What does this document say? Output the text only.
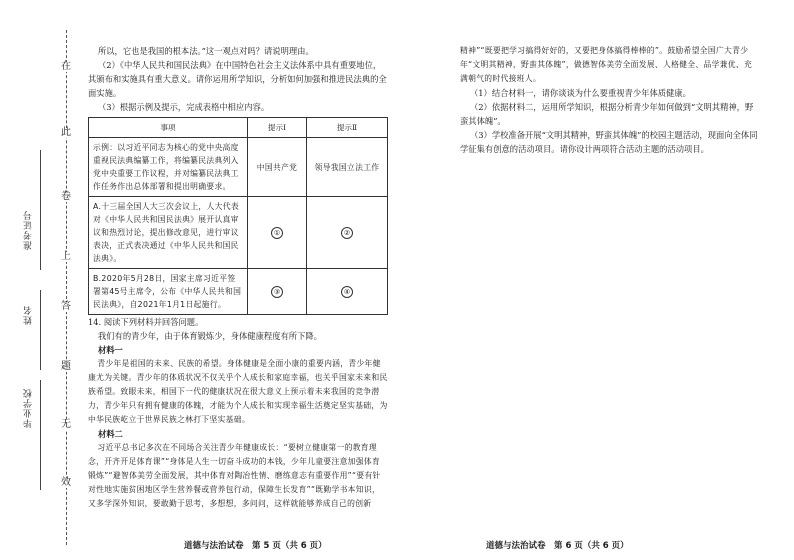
在
此
卷
上
答
题
无
效
准考证号
姓名
毕业学校

所以，它也是我国的根本法。”这一观点对吗？请说明理由。

（2）《中华人民共和国民法典》在中国特色社会主义法体系中具有重要地位，其颁布和实施具有重大意义。请你运用所学知识，分析如何加强和推进民法典的全面实施。

（3）根据示例及提示，完成表格中相应内容。

事项	提示Ⅰ	提示Ⅱ
示例：以习近平同志为核心的党中央高度重视民法典编纂工作，将编纂民法典列入党中央重要工作议程，并对编纂民法典工作任务作出总体部署和提出明确要求。	中国共产党	领导我国立法工作
A.十三届全国人大三次会议上，人大代表对《中华人民共和国民法典》展开认真审议和热烈讨论，提出修改意见，进行审议表决，正式表决通过《中华人民共和国民法典》。	①	②
B.2020年5月28日，国家主席习近平签署第45号主席令，公布《中华人民共和国民法典》，自2021年1月1日起施行。	③	④

14. 阅读下列材料并回答问题。

我们有的青少年，由于体育锻炼少，身体健康程度有所下降。

材料一

青少年是祖国的未来、民族的希望。身体健康是全面小康的重要内涵，青少年健康尤为关键。青少年的体质状况不仅关乎个人成长和家庭幸福，也关乎国家未来和民族希望。致眼未来，相国下一代的健康状况在很大意义上预示着未来我国的竞争潜力，青少年只有拥有健康的体魄，才能为个人成长和实现幸福生活奠定坚实基础，为中华民族屹立于世界民族之林打下坚实基础。

材料二

习近平总书记多次在不同场合关注青少年健康成长：“要树立健康第一的教育理念，开齐开足体育课”“身体是人生一切奋斗成功的本钱，少年儿童要注意加强体育锻炼”“避智体美劳全面发展，其中体育对陶冶性情、磨练意志有重要作用”“要有针对性地实施贫困地区学生营养餐或营养包行动，保障生长发育”“既勤学书本知识，又多学深外知识，要敢勤于思考，多想想，多问问，这样就能够养成自己的创新

精神”“既要把学习搞得好好的，又要把身体搞得棒棒的”。鼓励希望全国广大青少年“文明其精神，野蛮其体魄”，做德智体美劳全面发展、人格健全、品学兼优、充满朝气的时代接班人。

（1）结合材料一，请你谈谈为什么要重视青少年体质健康。

（2）依据材料二，运用所学知识，根据分析青少年如何做到“文明其精神，野蛮其体魄”。

（3）学校准备开展“文明其精神，野蛮其体魄”的校园主题活动，现面向全体同学征集有创意的活动项目。请你设计两项符合活动主题的活动项目。

道德与法治试卷　第 5 页（共 6 页）	道德与法治试卷　第 6 页（共 6 页）
